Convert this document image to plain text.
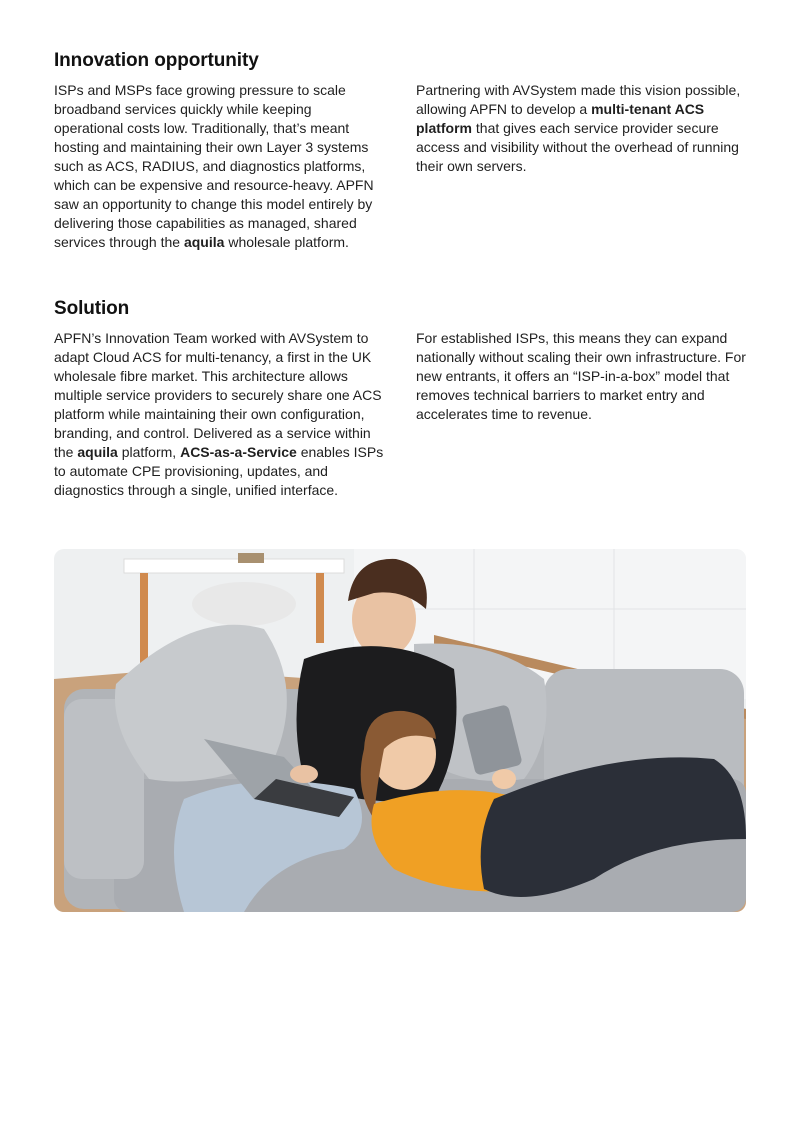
Innovation opportunity

ISPs and MSPs face growing pressure to scale broadband services quickly while keeping operational costs low. Traditionally, that’s meant hosting and maintaining their own Layer 3 systems such as ACS, RADIUS, and diagnostics platforms, which can be expensive and resource-heavy. APFN saw an opportunity to change this model entirely by delivering those capabilities as managed, shared services through the aquila wholesale platform.

Partnering with AVSystem made this vision possible, allowing APFN to develop a multi-tenant ACS platform that gives each service provider secure access and visibility without the overhead of running their own servers.

Solution

APFN’s Innovation Team worked with AVSystem to adapt Cloud ACS for multi-tenancy, a first in the UK wholesale fibre market. This architecture allows multiple service providers to securely share one ACS platform while maintaining their own configuration, branding, and control. Delivered as a service within the aquila platform, ACS-as-a-Service enables ISPs to automate CPE provisioning, updates, and diagnostics through a single, unified interface.

For established ISPs, this means they can expand nationally without scaling their own infrastructure. For new entrants, it offers an “ISP-in-a-box” model that removes technical barriers to market entry and accelerates time to revenue.
